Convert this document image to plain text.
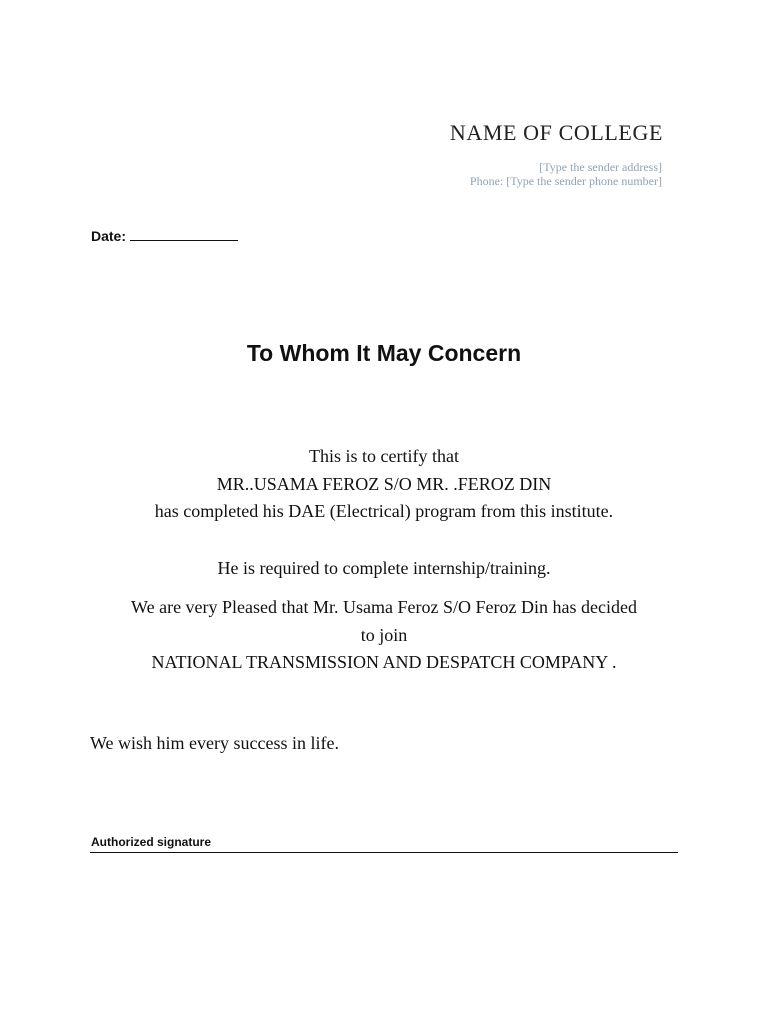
NAME OF COLLEGE
[Type the sender address]
Phone: [Type the sender phone number]
Date:
To Whom It May Concern
This is to certify that
MR..USAMA FEROZ S/O MR. .FEROZ DIN
has completed his DAE (Electrical) program from this institute.
He is required to complete internship/training.
We are very Pleased that Mr. Usama Feroz S/O Feroz Din has decided
to join
NATIONAL TRANSMISSION AND DESPATCH COMPANY .
We wish him every success in life.
Authorized signature
